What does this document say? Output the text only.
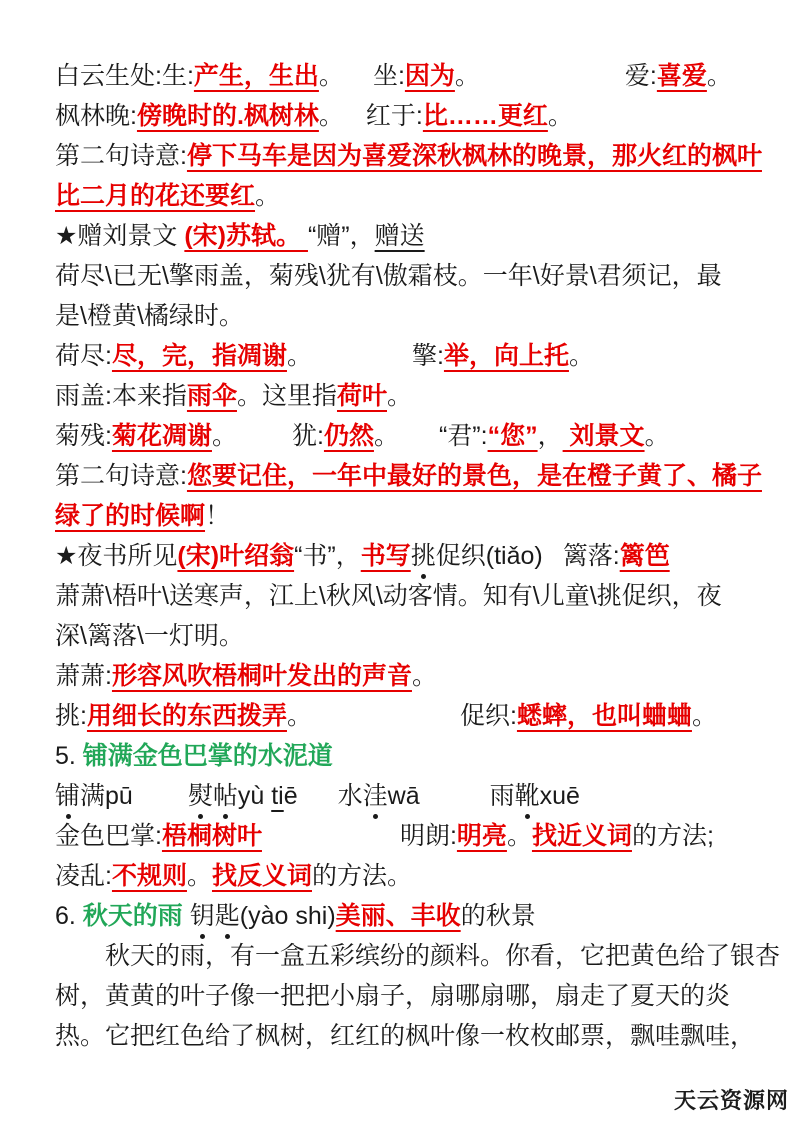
白云生处:生:产生，生出。 坐:因为。	爱:喜爱。
枫林晚:傍晚时的.枫树林。 红于:比……更红。
第二句诗意:停下马车是因为喜爱深秋枫林的晚景，那火红的枫叶
比二月的花还要红。
★赠刘景文 (宋)苏轼。 “赠”，赠送
荷尽\已无\擎雨盖，菊残\犹有\傲霜枝。一年\好景\君须记，最
是\橙黄\橘绿时。
荷尽:尽，完，指凋谢。	擎:举，向上托。
雨盖:本来指雨伞。这里指荷叶。
菊残:菊花凋谢。 犹:仍然。 “君”:“您”， 刘景文。
第二句诗意:您要记住，一年中最好的景色，是在橙子黄了、橘子
绿了的时候啊！
★夜书所见(宋)叶绍翁“书”，书写挑促织(tiǎo) 篱落:篱笆
萧萧\梧叶\送寒声，江上\秋风\动客情。知有\儿童\挑促织，夜
深\篱落\一灯明。
萧萧:形容风吹梧桐叶发出的声音。
挑:用细长的东西拨弄。	促织:蟋蟀，也叫蛐蛐。
5. 铺满金色巴掌的水泥道
铺满pū 熨帖yù tiē 水洼wā	雨靴xuē
金色巴掌:梧桐树叶	明朗:明亮。找近义词的方法;
凌乱:不规则。找反义词的方法。
6. 秋天的雨 钥匙(yào shi)美丽、丰收的秋景
　　秋天的雨，有一盒五彩缤纷的颜料。你看，它把黄色给了银杏
树，黄黄的叶子像一把把小扇子，扇哪扇哪，扇走了夏天的炎
热。它把红色给了枫树，红红的枫叶像一枚枚邮票，飘哇飘哇，
天云资源网
